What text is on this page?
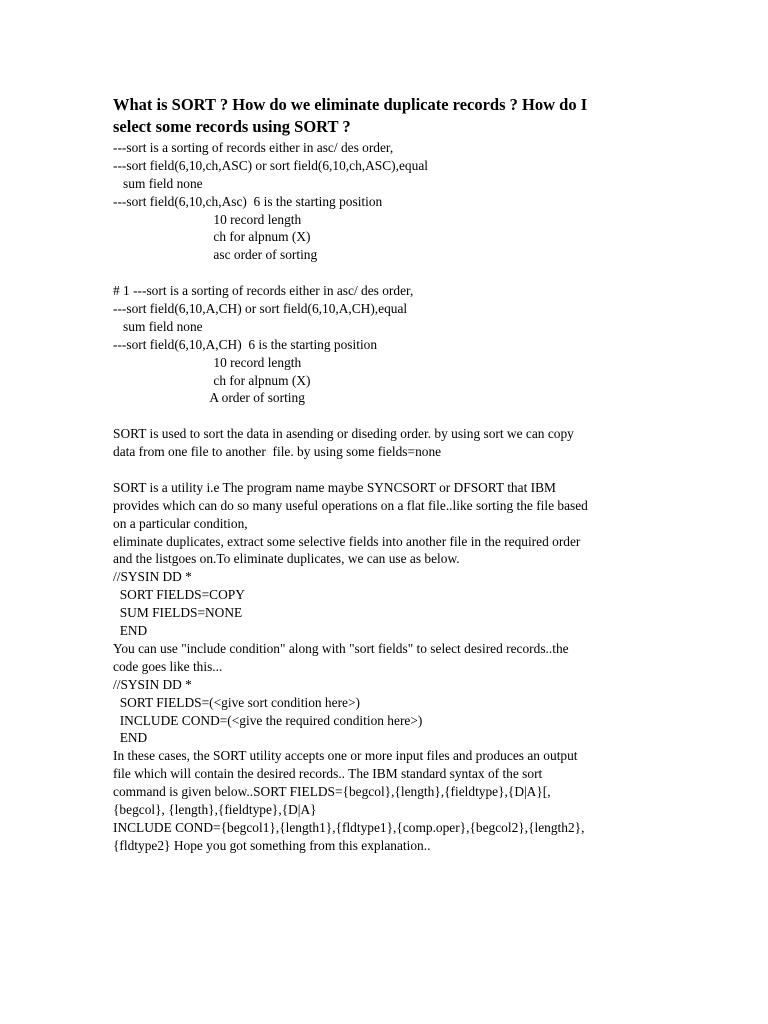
What is SORT ? How do we eliminate duplicate records ? How do I
select some records using SORT ?
---sort is a sorting of records either in asc/ des order,
---sort field(6,10,ch,ASC) or sort field(6,10,ch,ASC),equal
sum field none
---sort field(6,10,ch,Asc)  6 is the starting position
10 record length
ch for alpnum (X)
asc order of sorting
# 1 ---sort is a sorting of records either in asc/ des order,
---sort field(6,10,A,CH) or sort field(6,10,A,CH),equal
sum field none
---sort field(6,10,A,CH)  6 is the starting position
10 record length
ch for alpnum (X)
A order of sorting
SORT is used to sort the data in asending or diseding order. by using sort we can copy
data from one file to another  file. by using some fields=none
SORT is a utility i.e The program name maybe SYNCSORT or DFSORT that IBM
provides which can do so many useful operations on a flat file..like sorting the file based
on a particular condition,
eliminate duplicates, extract some selective fields into another file in the required order
and the listgoes on.To eliminate duplicates, we can use as below.
//SYSIN DD *
SORT FIELDS=COPY
SUM FIELDS=NONE
END
You can use "include condition" along with "sort fields" to select desired records..the
code goes like this...
//SYSIN DD *
SORT FIELDS=(<give sort condition here>)
INCLUDE COND=(<give the required condition here>)
END
In these cases, the SORT utility accepts one or more input files and produces an output
file which will contain the desired records.. The IBM standard syntax of the sort
command is given below..SORT FIELDS={begcol},{length},{fieldtype},{D|A}[,
{begcol}, {length},{fieldtype},{D|A}
INCLUDE COND={begcol1},{length1},{fldtype1},{comp.oper},{begcol2},{length2},
{fldtype2} Hope you got something from this explanation..
